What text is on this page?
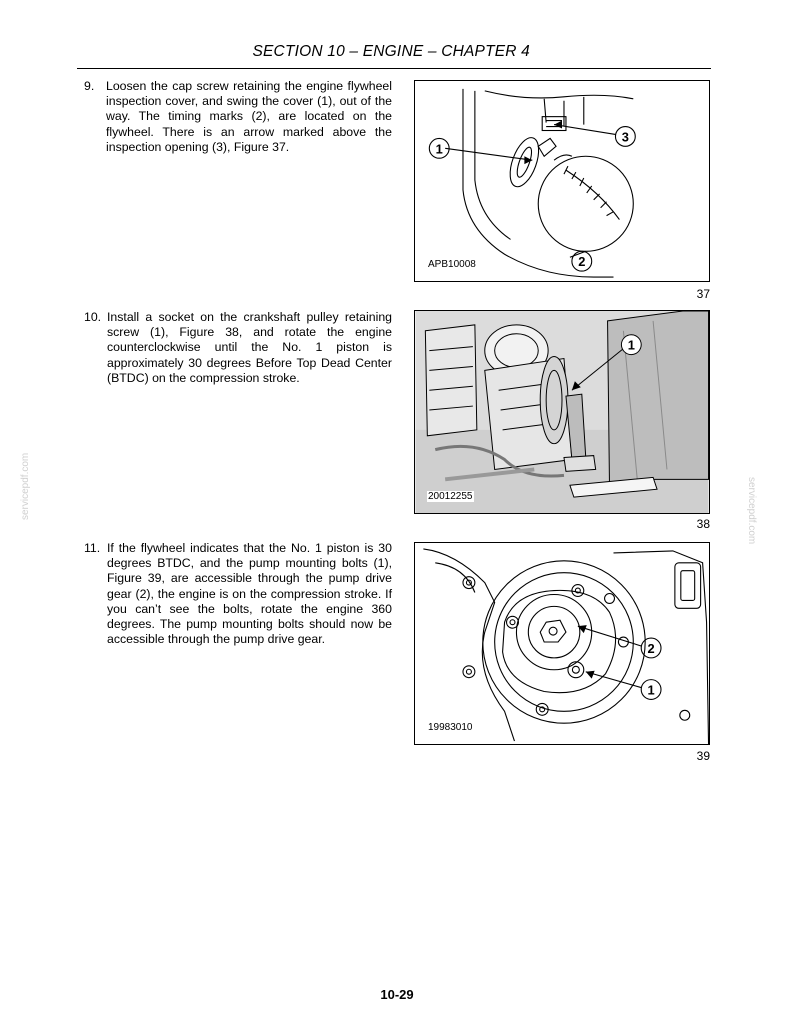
SECTION 10 – ENGINE – CHAPTER 4
9. Loosen the cap screw retaining the engine flywheel inspection cover, and swing the cover (1), out of the way. The timing marks (2), are located on the flywheel. There is an arrow marked above the inspection opening (3), Figure 37.	1
2
3
APB10008
37
10. Install a socket on the crankshaft pulley retaining screw (1), Figure 38, and rotate the engine counterclockwise until the No. 1 piston is approximately 30 degrees Before Top Dead Center (BTDC) on the compression stroke.
1
20012255
38
11. If the flywheel indicates that the No. 1 piston is 30 degrees BTDC, and the pump mounting bolts (1), Figure 39, are accessible through the pump drive gear (2), the engine is on the compression stroke. If you can’t see the bolts, rotate the engine 360 degrees. The pump mounting bolts should now be accessible through the pump drive gear.
2
1
19983010
39
servicepdf.com	servicepdf.com
10-29
